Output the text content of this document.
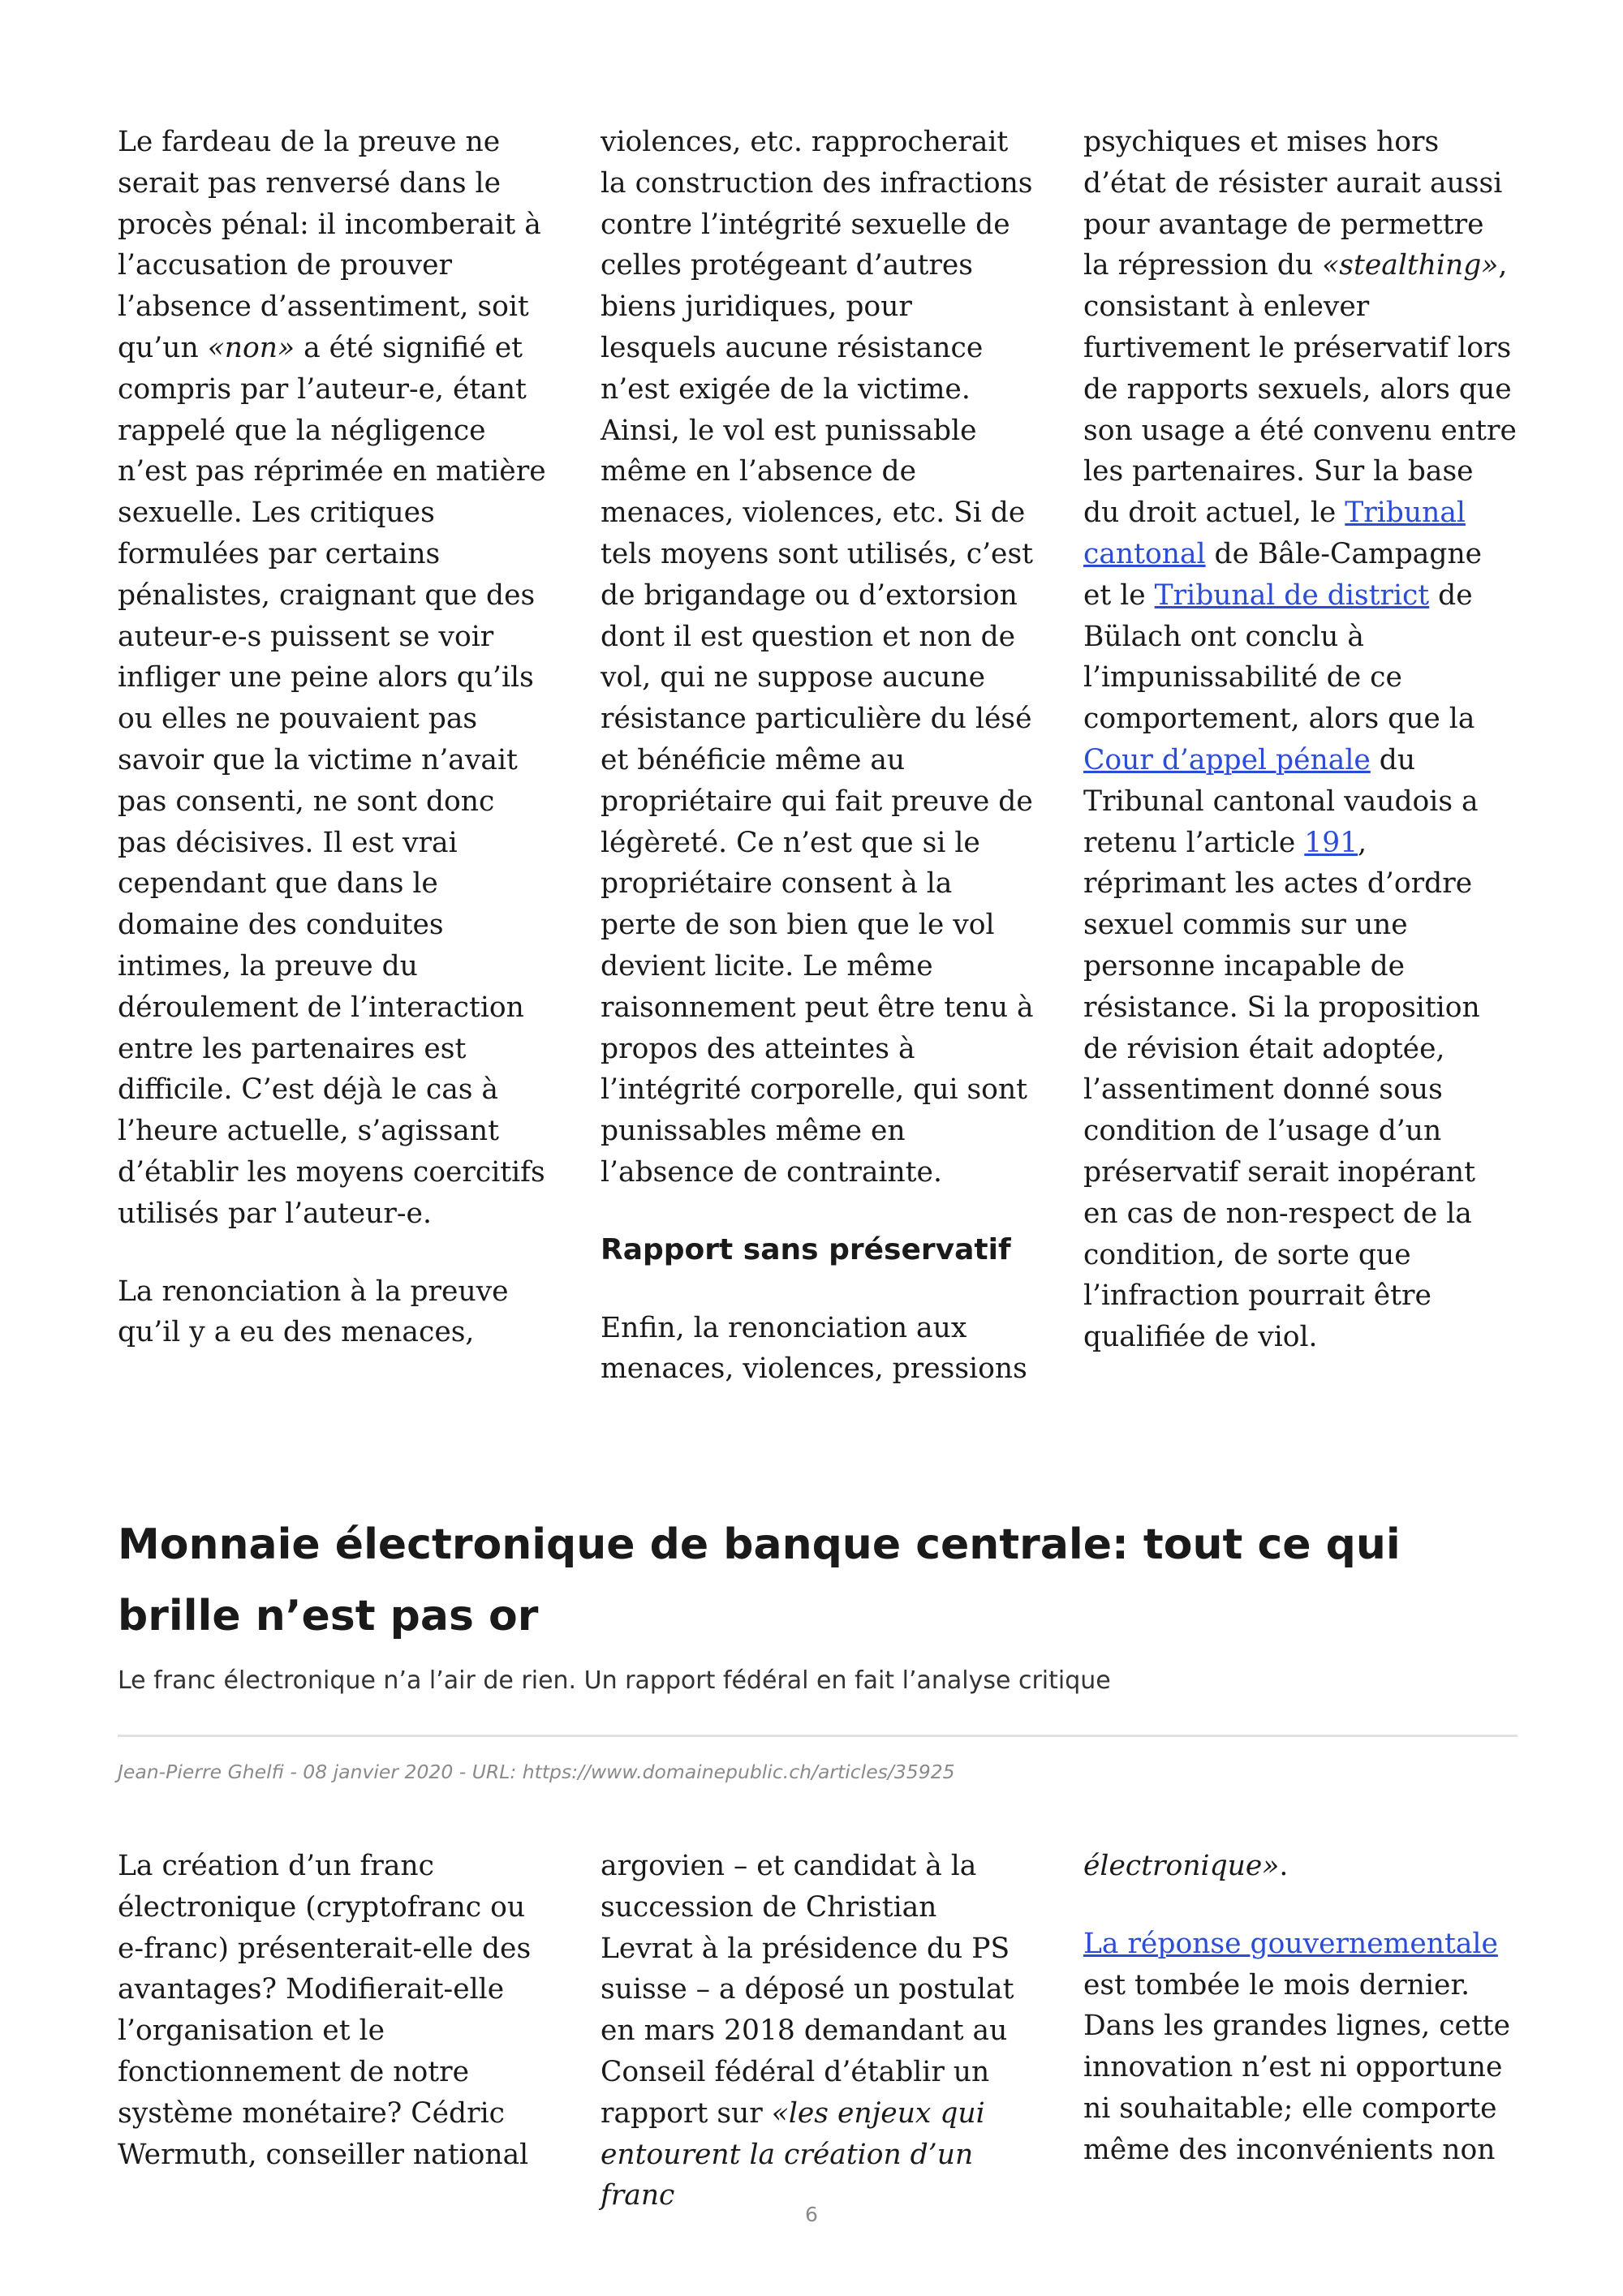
Le fardeau de la preuve ne serait pas renversé dans le procès pénal: il incomberait à l’accusation de prouver l’absence d’assentiment, soit qu’un «non» a été signifié et compris par l’auteur-e, étant rappelé que la négligence n’est pas réprimée en matière sexuelle. Les critiques formulées par certains pénalistes, craignant que des auteur-e-s puissent se voir infliger une peine alors qu’ils ou elles ne pouvaient pas savoir que la victime n’avait pas consenti, ne sont donc pas décisives. Il est vrai cependant que dans le domaine des conduites intimes, la preuve du déroulement de l’interaction entre les partenaires est difficile. C’est déjà le cas à l’heure actuelle, s’agissant d’établir les moyens coercitifs utilisés par l’auteur-e.

La renonciation à la preuve qu’il y a eu des menaces,

violences, etc. rapprocherait la construction des infractions contre l’intégrité sexuelle de celles protégeant d’autres biens juridiques, pour lesquels aucune résistance n’est exigée de la victime. Ainsi, le vol est punissable même en l’absence de menaces, violences, etc. Si de tels moyens sont utilisés, c’est de brigandage ou d’extorsion dont il est question et non de vol, qui ne suppose aucune résistance particulière du lésé et bénéficie même au propriétaire qui fait preuve de légèreté. Ce n’est que si le propriétaire consent à la perte de son bien que le vol devient licite. Le même raisonnement peut être tenu à propos des atteintes à l’intégrité corporelle, qui sont punissables même en l’absence de contrainte.

Rapport sans préservatif

Enfin, la renonciation aux menaces, violences, pressions

psychiques et mises hors d’état de résister aurait aussi pour avantage de permettre la répression du «stealthing», consistant à enlever furtivement le préservatif lors de rapports sexuels, alors que son usage a été convenu entre les partenaires. Sur la base du droit actuel, le Tribunal cantonal de Bâle-Campagne et le Tribunal de district de Bülach ont conclu à l’impunissabilité de ce comportement, alors que la Cour d’appel pénale du Tribunal cantonal vaudois a retenu l’article 191, réprimant les actes d’ordre sexuel commis sur une personne incapable de résistance. Si la proposition de révision était adoptée, l’assentiment donné sous condition de l’usage d’un préservatif serait inopérant en cas de non-respect de la condition, de sorte que l’infraction pourrait être qualifiée de viol.

Monnaie électronique de banque centrale: tout ce qui brille n’est pas or

Le franc électronique n’a l’air de rien. Un rapport fédéral en fait l’analyse critique

Jean-Pierre Ghelfi - 08 janvier 2020 - URL: https://www.domainepublic.ch/articles/35925

La création d’un franc électronique (cryptofranc ou e-franc) présenterait-elle des avantages? Modifierait-elle l’organisation et le fonctionnement de notre système monétaire? Cédric Wermuth, conseiller national

argovien – et candidat à la succession de Christian Levrat à la présidence du PS suisse – a déposé un postulat en mars 2018 demandant au Conseil fédéral d’établir un rapport sur «les enjeux qui entourent la création d’un franc

électronique».

La réponse gouvernementale est tombée le mois dernier. Dans les grandes lignes, cette innovation n’est ni opportune ni souhaitable; elle comporte même des inconvénients non

6
